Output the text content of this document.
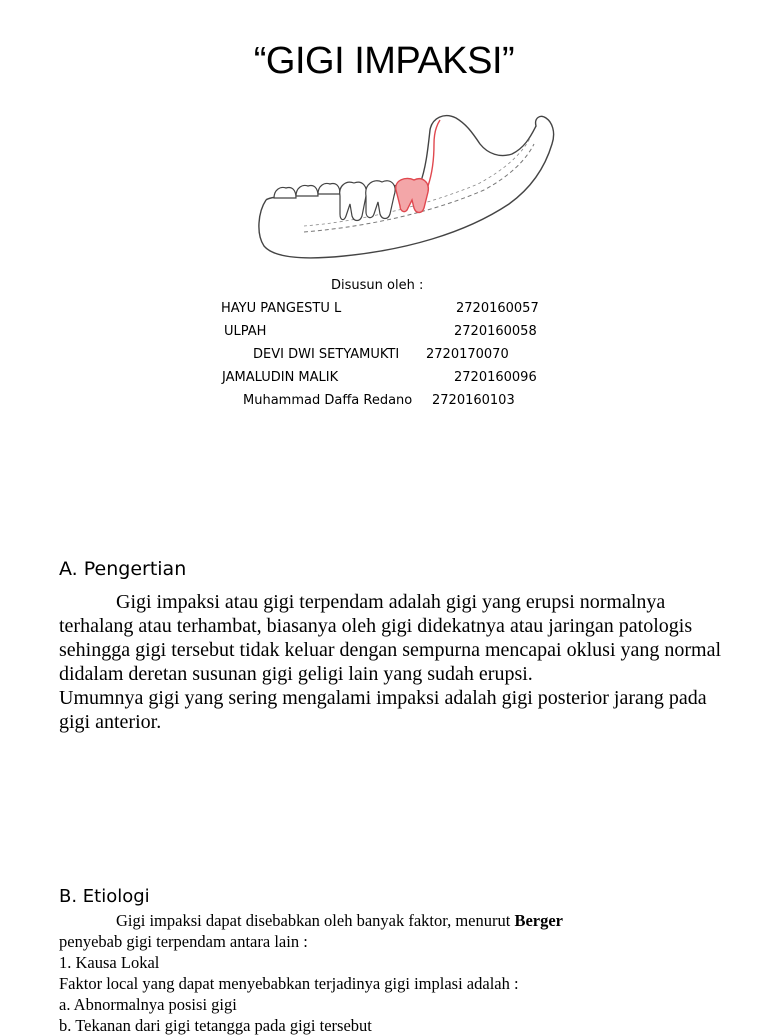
“GIGI IMPAKSI”
Disusun oleh :
HAYU PANGESTU L	2720160057
ULPAH	2720160058
DEVI DWI SETYAMUKTI 2720170070
JAMALUDIN MALIK	2720160096
Muhammad Daffa Redano 2720160103
A. Pengertian
Gigi impaksi atau gigi terpendam adalah gigi yang erupsi normalnya terhalang atau terhambat, biasanya oleh gigi didekatnya atau jaringan patologis sehingga gigi tersebut tidak keluar dengan sempurna mencapai oklusi yang normal didalam deretan susunan gigi geligi lain yang sudah erupsi.
Umumnya gigi yang sering mengalami impaksi adalah gigi posterior jarang pada gigi anterior.
B. Etiologi
Gigi impaksi dapat disebabkan oleh banyak faktor, menurut Berger
penyebab gigi terpendam antara lain :
1. Kausa Lokal
Faktor local yang dapat menyebabkan terjadinya gigi implasi adalah :
a. Abnormalnya posisi gigi
b. Tekanan dari gigi tetangga pada gigi tersebut
